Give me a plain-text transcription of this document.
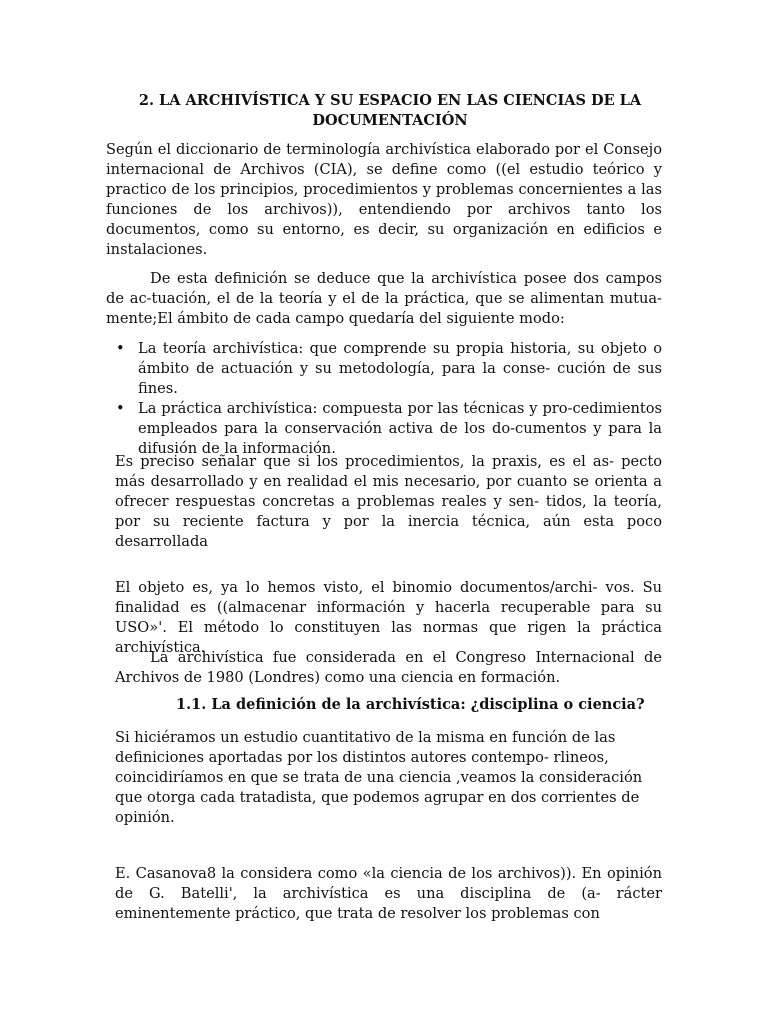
2. LA ARCHIVÍSTICA Y SU ESPACIO EN LAS CIENCIAS DE LA DOCUMENTACIÓN

Según el diccionario de terminología archivística elaborado por el Consejo internacional de Archivos (CIA), se define como ((el estudio teórico y practico de los principios, procedimientos y problemas concernientes a las funciones de los archivos)), entendiendo por archivos tanto los documentos, como su entorno, es decir, su organización en edificios e instalaciones.

De esta definición se deduce que la archivística posee dos campos de ac-tuación, el de la teoría y el de la práctica, que se alimentan mutua-mente;El ámbito de cada campo quedaría del siguiente modo:

• La teoría archivística: que comprende su propia historia, su objeto o ámbito de actuación y su metodología, para la conse- cución de sus fines.
• La práctica archivística: compuesta por las técnicas y pro-cedimientos empleados para la conservación activa de los do-cumentos y para la difusión de la información.

Es preciso señalar que si los procedimientos, la praxis, es el as- pecto más desarrollado y en realidad el mis necesario, por cuanto se orienta a ofrecer respuestas concretas a problemas reales y sen- tidos, la teoría, por su reciente factura y por la inercia técnica, aún esta poco desarrollada

El objeto es, ya lo hemos visto, el binomio documentos/archi- vos. Su finalidad es ((almacenar información y hacerla recuperable para su USO»'. El método lo constituyen las normas que rigen la práctica archivística.

La archivística fue considerada en el Congreso Internacional de Archivos de 1980 (Londres) como una ciencia en formación.

1.1. La definición de la archivística: ¿disciplina o ciencia?

Si hiciéramos un estudio cuantitativo de la misma en función de las definiciones aportadas por los distintos autores contempo- rlineos, coincidiríamos en que se trata de una ciencia ,veamos la consideración que otorga cada tratadista, que podemos agrupar en dos corrientes de opinión.

E. Casanova8 la considera como «la ciencia de los archivos)). En opinión de G. Batelli', la archivística es una disciplina de (a- rácter eminentemente práctico, que trata de resolver los problemas con
